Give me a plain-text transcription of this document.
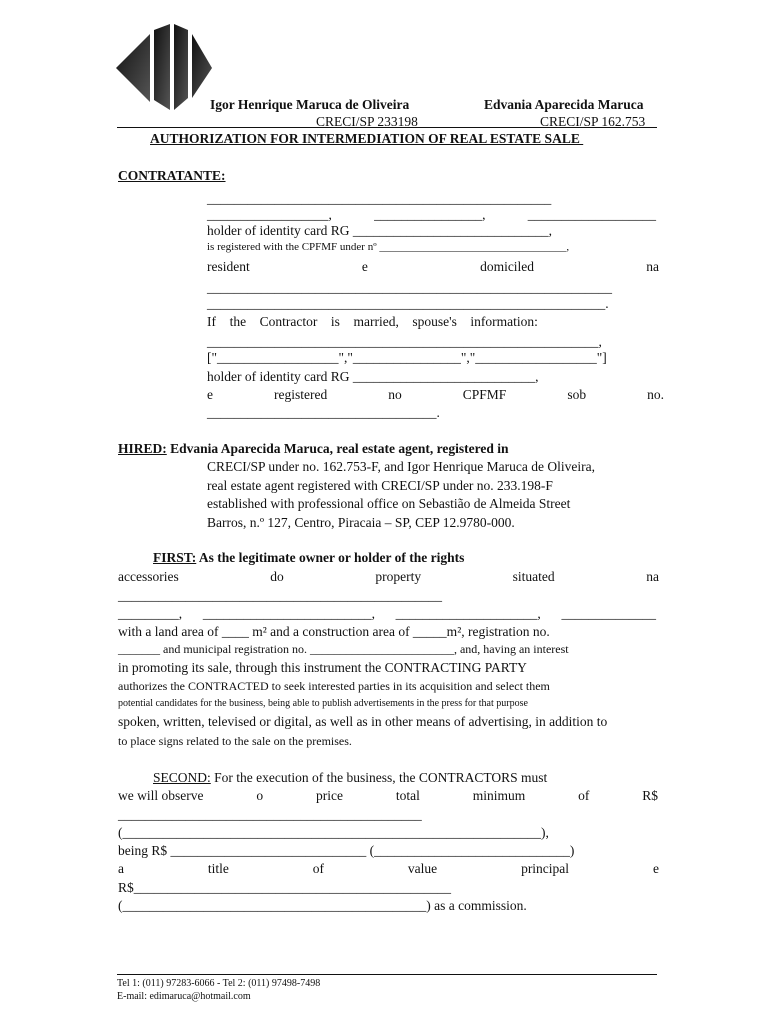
Igor Henrique Maruca de Oliveira	Edvania Aparecida Maruca
CRECI/SP 233198	CRECI/SP 162.753
AUTHORIZATION FOR INTERMEDIATION OF REAL ESTATE SALE
CONTRATANTE:
___________________________________________________
__________________,	________________,	___________________
holder of identity card RG _____________________________,
is registered with the CPFMF under nº __________________________________,
resident	e	domiciled	na
____________________________________________________________
___________________________________________________________.
If the Contractor is married, spouse's information:
__________________________________________________________,
["__________________","________________","__________________"]
holder of identity card RG ___________________________,
e	registered	no	CPFMF	sob	no.
__________________________________.
HIRED: Edvania Aparecida Maruca, real estate agent, registered in
CRECI/SP under no. 162.753-F, and Igor Henrique Maruca de Oliveira,
real estate agent registered with CRECI/SP under no. 233.198-F
established with professional office on Sebastião de Almeida Street
Barros, n.º 127, Centro, Piracaia – SP, CEP 12.9780-000.
FIRST: As the legitimate owner or holder of the rights
accessories	do	property	situated	na
________________________________________________
_________, _________________________, _____________________, ______________
with a land area of ____ m² and a construction area of _____m², registration no.
_______ and municipal registration no. ________________________, and, having an interest
in promoting its sale, through this instrument the CONTRACTING PARTY
authorizes the CONTRACTED to seek interested parties in its acquisition and select them
potential candidates for the business, being able to publish advertisements in the press for that purpose
spoken, written, televised or digital, as well as in other means of advertising, in addition to
to place signs related to the sale on the premises.
SECOND: For the execution of the business, the CONTRACTORS must
we will observe	o	price	total	minimum	of	R$
_____________________________________________
(______________________________________________________________),
being R$ _____________________________ (_____________________________)
a	title	of	value	principal	e
R$_______________________________________________
(_____________________________________________) as a commission.
Tel 1: (011) 97283-6066 - Tel 2: (011) 97498-7498
E-mail: edimaruca@hotmail.com
